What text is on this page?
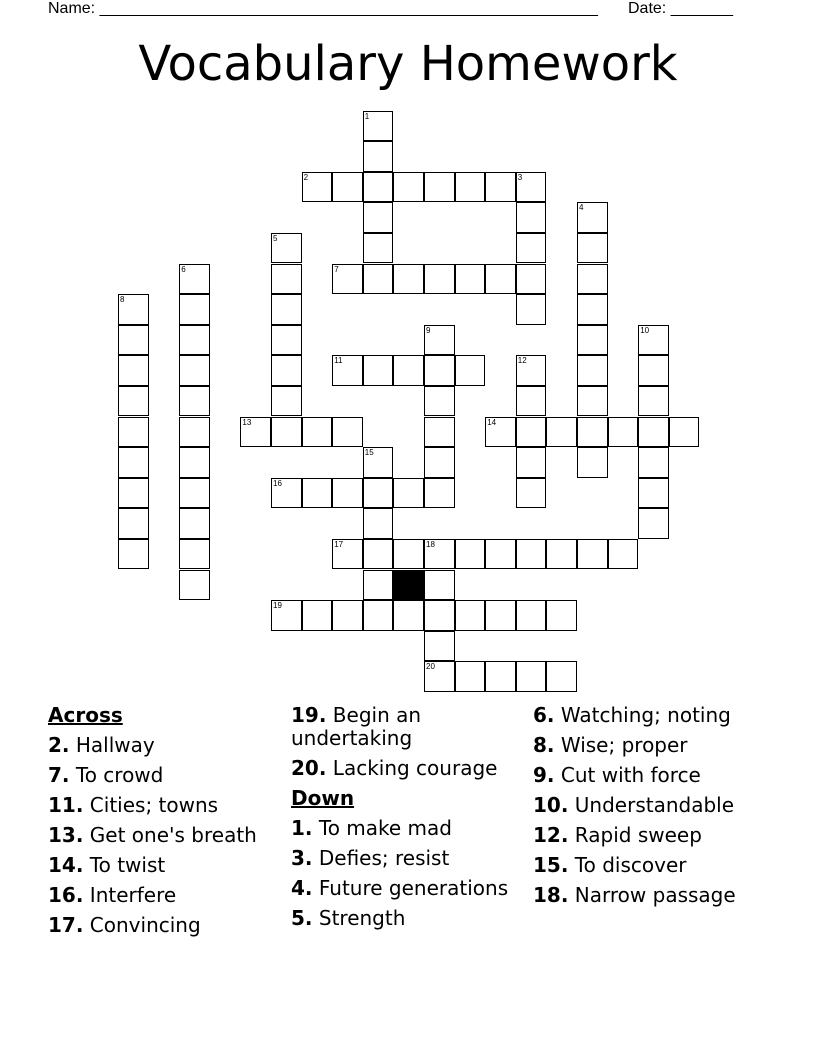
Name: ________________________________________________________ Date: _______
Vocabulary Homework
1
2	3
4
5
6	7
8
9	10
11	12
13	14
15
16
17	18
19
20
Across
2. Hallway
7. To crowd
11. Cities; towns
13. Get one's breath
14. To twist
16. Interfere
17. Convincing
19. Begin an undertaking
20. Lacking courage
Down
1. To make mad
3. Defies; resist
4. Future generations
5. Strength
6. Watching; noting
8. Wise; proper
9. Cut with force
10. Understandable
12. Rapid sweep
15. To discover
18. Narrow passage
